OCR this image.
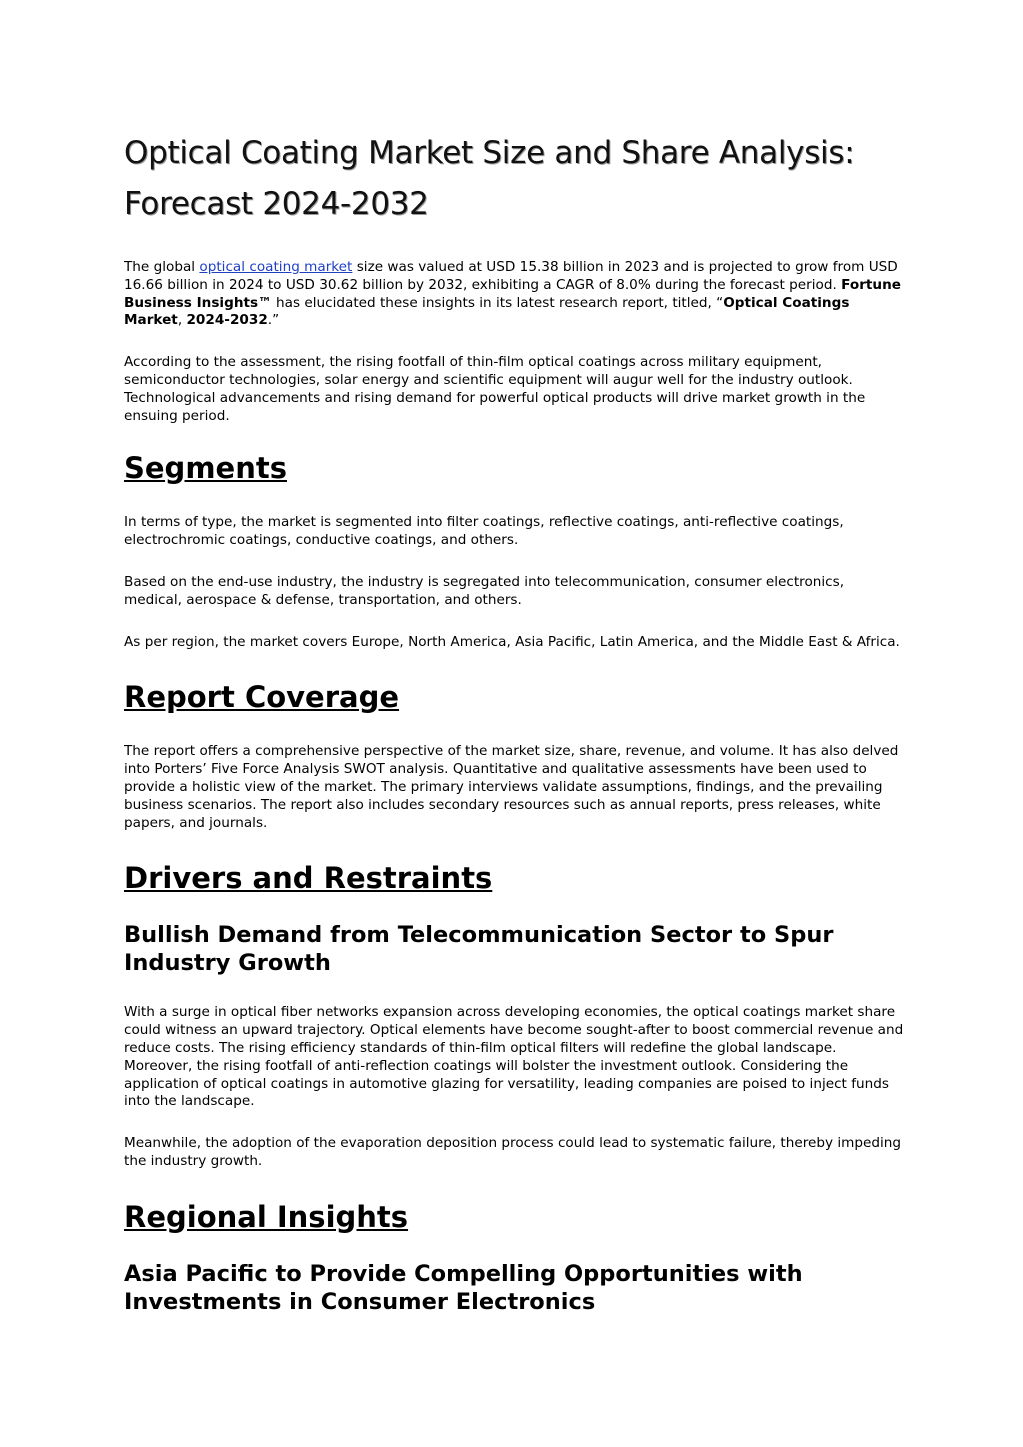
Optical Coating Market Size and Share Analysis: Forecast 2024-2032

The global optical coating market size was valued at USD 15.38 billion in 2023 and is projected to grow from USD 16.66 billion in 2024 to USD 30.62 billion by 2032, exhibiting a CAGR of 8.0% during the forecast period. Fortune Business Insights™ has elucidated these insights in its latest research report, titled, “Optical Coatings Market, 2024-2032.”

According to the assessment, the rising footfall of thin-film optical coatings across military equipment, semiconductor technologies, solar energy and scientific equipment will augur well for the industry outlook. Technological advancements and rising demand for powerful optical products will drive market growth in the ensuing period.

Segments

In terms of type, the market is segmented into filter coatings, reflective coatings, anti-reflective coatings, electrochromic coatings, conductive coatings, and others.

Based on the end-use industry, the industry is segregated into telecommunication, consumer electronics, medical, aerospace & defense, transportation, and others.

As per region, the market covers Europe, North America, Asia Pacific, Latin America, and the Middle East & Africa.

Report Coverage

The report offers a comprehensive perspective of the market size, share, revenue, and volume. It has also delved into Porters’ Five Force Analysis SWOT analysis. Quantitative and qualitative assessments have been used to provide a holistic view of the market. The primary interviews validate assumptions, findings, and the prevailing business scenarios. The report also includes secondary resources such as annual reports, press releases, white papers, and journals.

Drivers and Restraints
Bullish Demand from Telecommunication Sector to Spur Industry Growth

With a surge in optical fiber networks expansion across developing economies, the optical coatings market share could witness an upward trajectory. Optical elements have become sought-after to boost commercial revenue and reduce costs. The rising efficiency standards of thin-film optical filters will redefine the global landscape. Moreover, the rising footfall of anti-reflection coatings will bolster the investment outlook. Considering the application of optical coatings in automotive glazing for versatility, leading companies are poised to inject funds into the landscape.

Meanwhile, the adoption of the evaporation deposition process could lead to systematic failure, thereby impeding the industry growth.

Regional Insights
Asia Pacific to Provide Compelling Opportunities with Investments in Consumer Electronics
